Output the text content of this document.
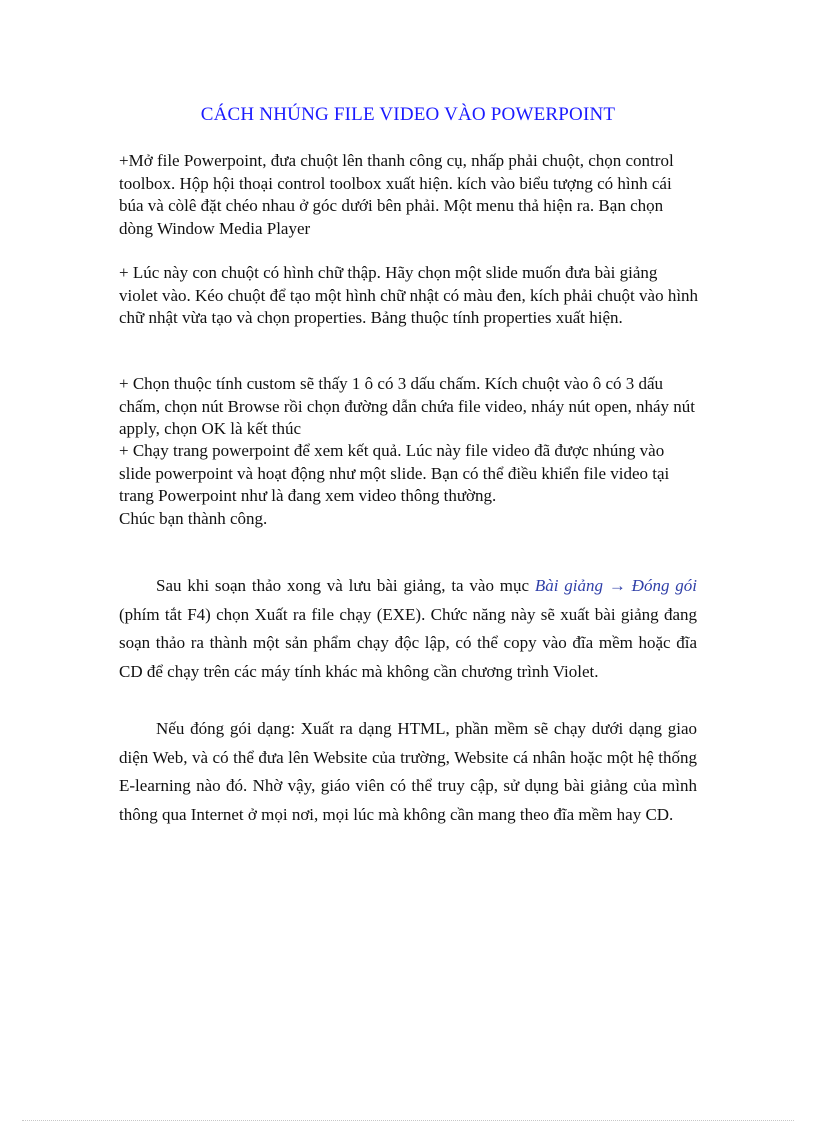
CÁCH NHÚNG FILE VIDEO VÀO POWERPOINT

+Mở file Powerpoint, đưa chuột lên thanh công cụ, nhấp phải chuột, chọn control toolbox. Hộp hội thoại control toolbox xuất hiện. kích vào biểu tượng có hình cái búa và còlê đặt chéo nhau ở góc dưới bên phải. Một menu thả hiện ra. Bạn chọn dòng Window Media Player

+ Lúc này con chuột có hình chữ thập. Hãy chọn một slide muốn đưa bài giảng violet vào. Kéo chuột để tạo một hình chữ nhật có màu đen, kích phải chuột vào hình chữ nhật vừa tạo và chọn properties. Bảng thuộc tính properties xuất hiện.

+ Chọn thuộc tính custom sẽ thấy 1 ô có 3 dấu chấm. Kích chuột vào ô có 3 dấu chấm, chọn nút Browse rồi chọn đường dẫn chứa file video, nháy nút open, nháy nút apply, chọn OK là kết thúc

+ Chạy trang powerpoint để xem kết quả. Lúc này file video đã được nhúng vào slide powerpoint và hoạt động như một slide. Bạn có thể điều khiển file video tại trang Powerpoint như là đang xem video thông thường.

Chúc bạn thành công.

Sau khi soạn thảo xong và lưu bài giảng, ta vào mục Bài giảng → Đóng gói (phím tắt F4) chọn Xuất ra file chạy (EXE). Chức năng này sẽ xuất bài giảng đang soạn thảo ra thành một sản phẩm chạy độc lập, có thể copy vào đĩa mềm hoặc đĩa CD để chạy trên các máy tính khác mà không cần chương trình Violet.

Nếu đóng gói dạng: Xuất ra dạng HTML, phần mềm sẽ chạy dưới dạng giao diện Web, và có thể đưa lên Website của trường, Website cá nhân hoặc một hệ thống E-learning nào đó. Nhờ vậy, giáo viên có thể truy cập, sử dụng bài giảng của mình thông qua Internet ở mọi nơi, mọi lúc mà không cần mang theo đĩa mềm hay CD.
